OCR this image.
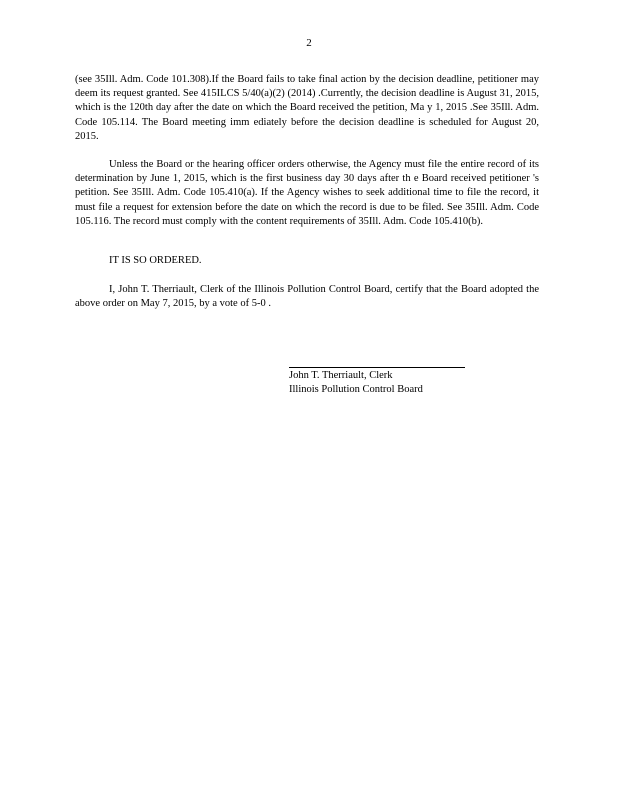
2

(see 35Ill. Adm. Code 101.308).If the Board fails to take final action by the decision deadline, petitioner may deem its request granted. See 415ILCS 5/40(a)(2) (2014) .Currently, the decision deadline is August 31, 2015, which is the 120th day after the date on which the Board received the petition, Ma y 1, 2015 .See 35Ill. Adm. Code 105.114. The Board meeting imm ediately before the decision deadline is scheduled for August 20, 2015.

Unless the Board or the hearing officer orders otherwise, the Agency must file the entire record of its determination by June 1, 2015, which is the first business day 30 days after th e Board received petitioner 's petition. See 35Ill. Adm. Code 105.410(a). If the Agency wishes to seek additional time to file the record, it must file a request for extension before the date on which the record is due to be filed. See 35Ill. Adm. Code 105.116. The record must comply with the content requirements of 35Ill. Adm. Code 105.410(b).

IT IS SO ORDERED.

I, John T. Therriault, Clerk of the Illinois Pollution Control Board, certify that the Board adopted the above order on May 7, 2015, by a vote of 5-0 .

John T. Therriault, Clerk
Illinois Pollution Control Board
